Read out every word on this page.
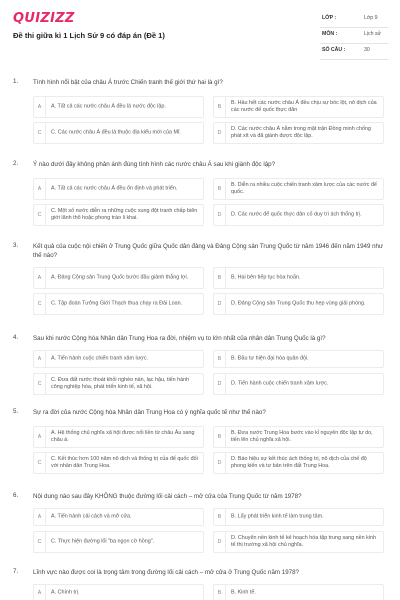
QUIZIZZ
Đề thi giữa kì 1 Lịch Sử 9 có đáp án (Đề 1)
LỚP :	Lớp 9
MÔN :	Lịch sử
SỐ CÂU :	30
1. Tình hình nổi bật của châu Á trước Chiến tranh thế giới thứ hai là gì?
A	A. Tất cả các nước châu Á đều là nước độc lập.	B
B. Hầu hết các nước châu Á đều chịu sự bóc lột, nô dịch của các nước đế quốc thực dân
C	C. Các nước châu Á đều là thuộc địa kiểu mới của Mĩ.	D
D. Các nước châu Á nằm trong mặt trận Đồng minh chống phát xít và đã giành được độc lập.
2. Ý nào dưới đây không phản ánh đúng tình hình các nước châu Á sau khi giành độc lập?
A	A. Tất cả các nước châu Á đều ổn định và phát triển.	B
B. Diễn ra nhiều cuộc chiến tranh xâm lược của các nước đế quốc.
C
C. Một số nước diễn ra những cuộc xung đột tranh chấp biên giới lãnh thổ hoặc phong trào li khai.	D	D. Các nước đế quốc thực dân cố duy trì ách thống trị.
3. Kết quả của cuộc nội chiến ở Trung Quốc giữa Quốc dân đảng và Đảng Cộng sản Trung Quốc từ năm 1946 đến năm 1949 như thế nào?
A	A. Đảng Cộng sản Trung Quốc bước đầu giành thắng lợi.	B	B. Hai bên tiếp tục hòa hoãn.
C	C. Tập đoàn Tưởng Giới Thạch thua chạy ra Đài Loan.	D	D. Đảng Cộng sản Trung Quốc thu hẹp vùng giải phóng.
4. Sau khi nước Cộng hòa Nhân dân Trung Hoa ra đời, nhiệm vụ to lớn nhất của nhân dân Trung Quốc là gì?
A	A. Tiến hành cuộc chiến tranh xâm lược.	B	B. Đầu tư hiện đại hóa quân đội.
C
C. Đưa đất nước thoát khỏi nghèo nàn, lạc hậu, tiến hành công nghiệp hóa, phát triển kinh tế, xã hội.	D	D. Tiến hành cuộc chiến tranh xâm lược.
5. Sự ra đời của nước Cộng hòa Nhân dân Trung Hoa có ý nghĩa quốc tế như thế nào?
A
A. Hệ thống chủ nghĩa xã hội được nối liền từ châu Âu sang châu á.	B
B. Đưa nước Trung Hoa bước vào kỉ nguyên độc lập tự do, tiến lên chủ nghĩa xã hội.
C
C. Kết thúc hơn 100 năm nô dịch và thống trị của đế quốc đối với nhân dân Trung Hoa.	D
D. Báo hiệu sự kết thúc ách thống trị, nô dịch của chế độ phong kiến và tư bản trên đất Trung Hoa.
6. Nội dung nào sau đây KHÔNG thuộc đường lối cải cách – mở cửa của Trung Quốc từ năm 1978?
A	A. Tiến hành cải cách và mở cửa.	B	B. Lấy phát triển kinh tế làm trung tâm.
C	C. Thực hiện đường lối "ba ngọn cờ hồng".	D
D. Chuyển nền kinh tế kế hoạch hóa tập trung sang nền kinh tế thị trường xã hội chủ nghĩa.
7. Lĩnh vực nào được coi là trọng tâm trong đường lối cải cách – mở cửa ở Trung Quốc năm 1978?
A	A. Chính trị.	B	B. Kinh tế.
